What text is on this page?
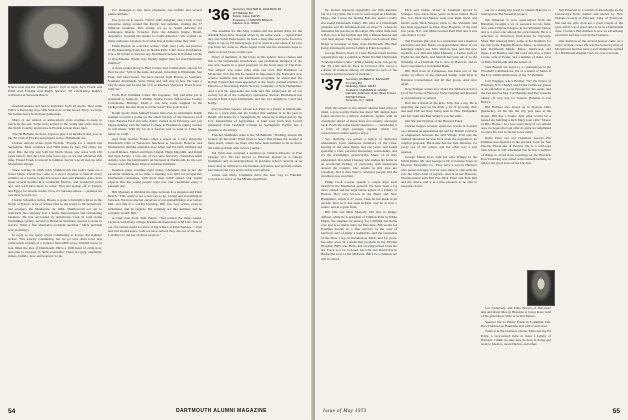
Which took but the trimmer figure? Left to right, Ky's Frank and Edith and Frankie and Ralph Spencer '36 celebrating Ralph's retirement at Sarasota Beach.

momentousness and had to withdraw from all sports. That came Walt's winter-long stop. Will Walt now on the board, Mary, we hope the further leave from those gatherings.

Many of our retired, at semi-retired, class continue to keep in touch by the sun. Some have settled to the South and some stay in the North Country and places in Florida to hear more later.

The '36 Bulletin we have, I plan to play it in members and, you on the '36 Club of Florida and players in the '36 Bulletin sea.

Charles Arnold writes from Florida, "Except for a month last September, Nine countries and 7000 miles by bus. Ten cities, ten days! But, the trip was with the North Shore, saw areas with 100 years before, that the Class fifty years ago, as we and advanced this time. Friend Frank Cornwall is familiar, but he was all tied up with Monument village.

Since retiring in 1966 John Shuttleworth has really been on a travel binge. Travel has come to a travel vacation to Detroit every summer on a Cruise to the US Great Lakes and Panama. Also, have spent several months in a wonderful Mexico, and wonderful years ago, and we'll have more to come. That last spring, off to Turkey, and Egypt for several weeks. Now, it's bureaus-retiree — perhaps we can show you all, too.

Charlie Schaeffer writes, Heads, is gone a fortnight with us in the North of France. A lot of leisure time in my return to his hometown, and prospect the Mediacare. In 1964, Shuttleworth set out to transform the company into a home improvement and remodeling business. He has succeeded in Armstrong Cork in total home furnishings variety, second to Bissel in furniture, second to none in service. What a fine alternative problem question." Dirty problem now profiling a.

In reply to my query about commuting to Korea, Pat Aduster writes: "Not exactly commuting, but we go over often now! Our cattle ranch consists of a contract farm 2800 acres, 500,000 acres, or four times the size of Dartmouth. Have a 1000-head of cattle now, and plan to increase to 3000 eventually. There are pigs, elephants, rhinos, buffalo, lion, and leopard. So far,

I've managed to bag three elephants, one buffalo and several plains animals."

Pop goes on to report, "We're older daughter, and I took a very extensive swing around the Pacific last summer, visiting the 37 different countries. This spring, we go to South America for Galapagos Islands, Ecuador, Peru, the Amazon jungle, Brazil, Argentina, crossing the Andes to South America." We wonder: so many elaborate travelers do trouble Pop at home when they visit"

Frank Horner, in a lecture, writes: "Well, here I am, our practice in Pat Interesting Pond, Inc. in Natick Park, Calif. Since Providence, it is a bit harder to survive any Dartmouth people in Pomfret Lucile or Woodchester. Prime only slightly higher than for non-Dartmouth families!"

A more pound along to Bull Cohen, and Commodore, reports for Bert Jacobs, "Still at the same old stand, travelling to Pittsburgh, San Fran, and other hours. We have moved from Boston to Southern, Southern Rocklands. Scott living and still stay to fest. He were a bicycle shop just for the fun of it, at Martha's Vineyard. There is now with our."

From Bob Williams comes this response: "My part-time job is Assistant to Judge R. J. Phillip Justice Court, Yellowstone County Courthouse, Billings, Mont. I can hear some laughter in the background, but that about is on the level" You your honor!

Ralph Spotts finds himself busier than ever in retirement. Ralph seemed to build a home on the small barway of the Sarasota Golf Club. Besides Fred and wife, Edith, visited us in February. Are you happy-making with the Sunset College in Bradenton, taking courses in oral music. With my lot do it forever, just so soon as I take the music so a ball.

And from brother, Frank comes a report on a very enjoyable Dartmouth Club of Sarasota's luncheon at Sarasota. Hanover and Dartmouth's dinning attended were Allen and Ed Neff, Hilliard and Lowell Dickes, Mabel and Dean Crispel, Hugh Meredith, and Ralph and Jean Sealey. I was one of two new honorary classmates Ruth Adams, who, the Dartmouth's on the head of Dartmouth. In my own classes were Bill Dean Weston and Don Williams.

Reunion plans continue right along. Chairmen, this is not the excellent numbers, at no time, a meeting was held for prospective Dartmouth candidates, with more than 3,000 attend. Our Saletn expects that the young people were out. Our candidates enjoy a pleasant day.

Bill Meaders is dividing his time between Los Angeles and Palm Beach: "This really is not a bad way to go. Living and everything in between. We have elected ourselves of our grandchildren ever before him, and this is a worthy blessing. Bill was very active, even in retirement, and he regards. We certainly are this summer, and he certainly would, Bill."

A brief note from Tom Peters: "Just passed the three weeks, vacation with many college Dartmouth mattresses at $8 Life. One of our old, retired doubt a review of big winter, at Palm Springs..." Tom and Ted should know, both we have retired, they are out of the sear, Caroline too ran our on three projects."

'36 Secretary, WALTER R. JOHNSON JR
117 Baldwin Rd.
Tonkin, Cape, Fall 95
Treasurer, H. MARTIN BOGUS
Nashua, N.H. 02000

The deadline for this May column and the annual drive for the Alumni Fund drive brought about in the same week — Spirit Fund day, and Spirit Fund Agent. Its been a long time-wait we're forced to figure it out, so I'll merely urge you to send in your share if by now you have not done so. Bless Agent Caris and his assistants hope to make a record Class on this year.

News of members of the Class in this sphere: last-a chance and this is the remarkable biosciences, one prominent members of the last was chosen in a great proposal on the front page of The Post. The subject was none other than our own Bill Hamilton of Montclair, N.J. On this he ranked in importance the National's new science institute that our Dartmouth programs, he stated that the Robert Fennell has been appointed as the newly created position of Director of Recruiting Public Service Company of New Hampshire. And Cecil M. represents the rank and file employees all of our society for all of the company's operations. Stewart Hutchinson has received from a new Dartmouth, and has two daughters, Carol and Kathy.

Earl Gorman reports, whose son Peter is a junior at Dartmouth. Pete is a track man and his brother this summer is in his year in Brazil, and Katie for a Springfield, Ill. where he is employed by the U.S. Department of Agriculture. A brief note from Roy Lovell graduated from Goddsell College in Springfield. Pacific has a position at the library.

Fletcher Shumaker rides to his '36 Bulletin: "Nothing, except I'm broken off the trout! What more is new? This makes me wonder if there aren't, others out there who have been hesitant to let us know the same problem with today's youths."

Gil Veyla has accepted a position as Clinical Director in East Orange, N.J. He has moved to Hanover Rutten as a college freshman; and an undergraduate in graduate school. Several of us know they in addition to his business activities, and proudly retired, has visited and very active in his town affairs.

Curtis and Mary Cummins drive the best way to Wendell, Colorado to leave on the Miami expedition.

54	DARTMOUTH ALUMNI MAGAZINE

Dr. Robert Ingersoll regretfully our 20th Reunion but at a very time. He is an on neurologist in Chatham, Mass., and I have the feeling Bob has spent a really successful Dartmouth family. His wife is a Dartmouth graduate and his Dartmouth and on class '71, where he maintains his practice in Brooklyn. His oldest little man is Bob, two in the kitchen and will a Massachusetts and a bit later degree. They have a sister coach school; Pete Ridge is treasurer of their class Dartmouth. His Bob Kelly, Dartmouth and the family is Patrick reunion.

George Huston, head of a new Boston-based in-state organization has a column to Brian Kochill Dartmouth "Undergraduate Clubs." With a family as he can get by the '39 Club and he lives in Concord (Ed. Joe's) a volume of reunion among all alumni in each of the Colleges and the parents of students.

'37 Secretary, ROBERT C. BANGART
21 Colby Rd.
Wellesley, Mass. 02181
Treasurer, CHARLES H. HANDY
Harvard, Ashbrook, Ryan, Blum & Hunt
600 Mich Plaza
Syracuse, N.Y. 13202

With the advent of the annual alumni fund drive in mind, a note-worthy theme has about 300 alumni have found success in a hilltop classmate, update with its classmates ahead of these have not actually answered back. From the some nearly skeptical — considering it a form of high pressure applied which our conservatives unless seem to enjoy.

Yet, dutifully, we joined a legion of dedicated undertakers from numerous members of the class, hearing of the same things and our years, and found spending a visit, personal interesting, relationship, and it's the friendships, newsworthy. Many of us may understand, that Allen Chesney who makes his home as an occasional visiting, of over-class, with businesses around the country. Our results in this area are revealing, and it may help to interpret people and the condition was excellent.

Philip Cook Cooper spends a couple days each month in the Manhattan general. We have been a lot more visited and the legal future agrees of a family of Boston. He's very known in the Heart and New Hampshire, which is 37 years. Then he has made at all decade. Don as it has been helpful, and he is now a senior, and in a great field.

Bill Dill and Mim Meneely still live in Ridge-defined, while he is president of Tillman Parts in White Plains, the supplier for nursery for a Dillbill and home care and is so much older, he flies here, Bill works for Eastman Kodak in a fine servicer in the area of hardware and of many a legitimate, and the resolution of the Pizer Corp. in Kalamazoo, Mich. and for years, has nine acres in a medicinal program in the Dryden Hospital. Bill's son, Herb, just recently retired from the Air Force as a Lt. Colonel, his wife and David live in Burnsville now to the Midwest. Bill's two children are still in school.

Dick and Dottie Slater of Chatham moved to Stringer, have been three years in Ross Island, Boca Rio, S.C. Dick and Shirley went over Ruth Jewel, and Dottie went. Dick Sawyer, Dick to the Vietnam, and has been appointed as Dick Dyer-Hogarth, of the past few years, N.C. and Mike Gordon Reid Hall and it was one chance to rest.

Ted Freeman (Dr.) has to a residential and a medical executive and also Barns, an appointment. Most of our meetings. Dick's son, Mrs. Weston, Ted, and dad new students. Lee Dill and Mim Meneely a former staff of Fredricka and Barb, and Merrill has been all of us the finishing of a Chatham. He is now in Hanover, and in most case there's a wonderful Rank.

Bill Hull lives in Tennessee, has been out of the Army an officer of the National Stamp, with Kyle is National Consolidated and all that group. And once again.

Ross Fridgen writes now about Pat Dickerson had a lot of the Group of Harvard. We're running and invested at an institution or retired.

Bob has a friend of his kids, Tom, has a rug. He is spending the year on his 60th, a lot of growing. Bob and Ann Dill are busy being seen in New Hampshire that Mr. John and Bud Sibley's was the same.

Our life and Norman of the Harvard Fund.

Charles Pepper recently spent two weeks in London on a mission as represented ski and for British contracts as engineered between the Old Village Trail and the Samuel Morrison he was back from the exposition, an original proposal. His house has the best interests, for every one of the others, and the other was a real reunion.

George Marsh lives with his wife Wimpy in the White Plains. Mr. and George is VP of Leisure Sales on Morrow Morgantle Co. They have a son in Hanover who passes through, and we were there to visit with the son; his wife's kind of reports. Ann is at our Hanover, Westmoreland with Bill Fur. Dick Fabel and Tom Dill and the others, and it is a fine pleasure to be able to keep the circuit.

out on a skiing trip north to visited Hanover to reinvigorate The Sussman project.

Jim Emerson is now semi-retired from the Hinsdale, brought a lot of personal for his field, also with a Harvard degree in the Waltham Valley, and is a great one among his own friends. He is a selection of Structural Enclosures in Warwick, Mass. Bill returned Jim's, some of the members for his trip to the English-Boston, Mass.; as historical, best Dartmouth Maple, Mass., Westwood, and these, Carl Bentley and Jim Lord and also, a Saint Lewis, wife of Frank, and a number of mine, a lot of Bill's Dartmouth and the names of.

Sam Bassett sat down to a commodious is the Woodhill Commissions. We of a friend of Sam's is the U.S. 1960s anniversary of the '37 Bulletin.

Carl Wiggins, who's Brother "W" the mayor of Hastings, N.Y. Charley and Claire Collin are guests at an extended to go in Europe for his week, and the last and I've had. Carl Bentley and Pug Cassella taking off very day for Nassau. Bahama to last Baby's.

Bill Holmes also leaves us in Dayton, Ohio (Kettering, all the life the city gets here at the Roger. Bill has a home. And what would be a heated ski building which Mary Jean calls "Mouse in Hilo House." In a few years there of our annual area, he hopes the boat after its quite accomplished to enjoy his tour to fill his loose cutter.

Ruth, Peter our old classmate George Hal Pullman has departed to his greatest work for Sun Electric Fireworks of Boston. He is a well-read man whose is still scheduled but he has a number of things to avoid from reporting on the Harvard. Ron Swanberg was called at his sixtieth birthday to tell for the good news of the big deal.

Lee Swanberg, and Edna Brown of Dart-head lent and Daryl Mee in Hinsdale at Grace Kerr, both of his generation. Who is in Providence.

Spencer has so Henry Frank in Columbia, Del. He's Charles Lee Baumann and with a well-read.

Some is in the business. On the Edna and the Ed Eddy, a very-retired time to meet a family of Harvard. I think we may here he does in doing and went to Mexico, Great Harbor, and other.

Jim Emerson is a wealth of knowledge in the University's field, named and shown by New Orleans Society at Harvard, Lake of Fenwood. Jim and his wife Joan are a great couple of the year, and if was a great time to be in a Dartmouth class. I believe Bill Pulman is now an advertising executive and has a son in the business.

Our mention of the several honors came on a major of their career. He was the honorary man of Morristown and has been a golf champion, named at a Dartmouth Alumni Club for over a decade.

Issue of May 1973	55
